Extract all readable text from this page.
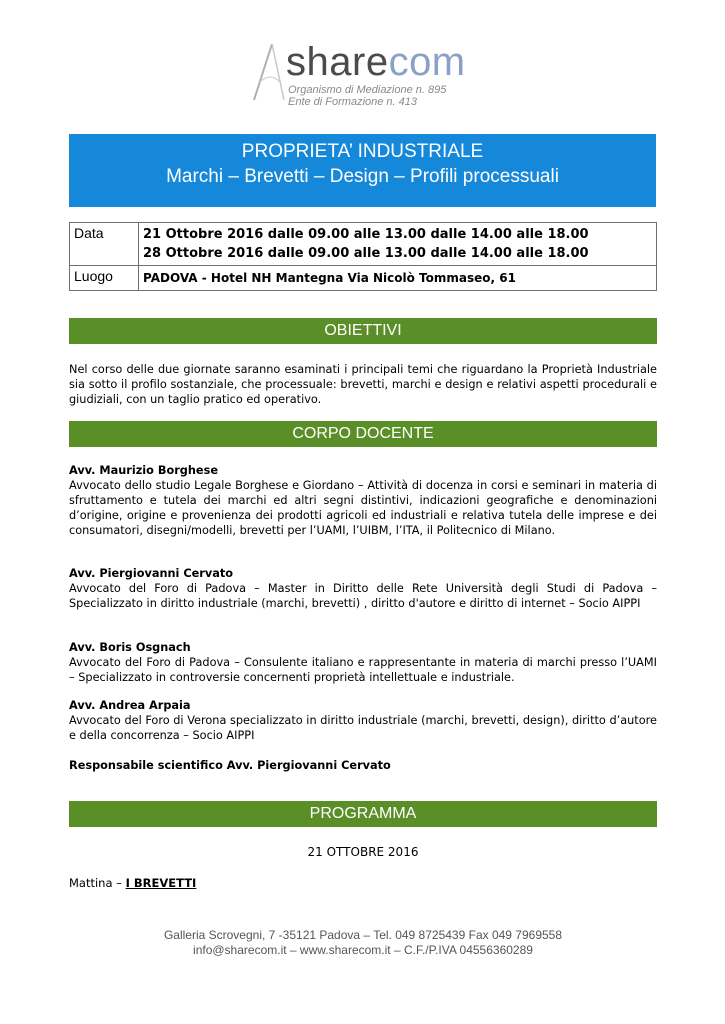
sharecom
Organismo di Mediazione n. 895
Ente di Formazione n. 413
PROPRIETA’ INDUSTRIALE
Marchi – Brevetti – Design – Profili processuali
Data	21 Ottobre 2016 dalle 09.00 alle 13.00 dalle 14.00 alle 18.00
28 Ottobre 2016 dalle 09.00 alle 13.00 dalle 14.00 alle 18.00

Luogo	PADOVA - Hotel NH Mantegna Via Nicolò Tommaseo, 61
OBIETTIVI
Nel corso delle due giornate saranno esaminati i principali temi che riguardano la Proprietà Industriale sia sotto il profilo sostanziale, che processuale: brevetti, marchi e design e relativi aspetti procedurali e giudiziali, con un taglio pratico ed operativo.
CORPO DOCENTE
Avv. Maurizio Borghese
Avvocato dello studio Legale Borghese e Giordano – Attività di docenza in corsi e seminari in materia di sfruttamento e tutela dei marchi ed altri segni distintivi, indicazioni geografiche e denominazioni d’origine, origine e provenienza dei prodotti agricoli ed industriali e relativa tutela delle imprese e dei consumatori, disegni/modelli, brevetti per l’UAMI, l’UIBM, l’ITA, il Politecnico di Milano.
Avv. Piergiovanni Cervato
Avvocato del Foro di Padova – Master in Diritto delle Rete Università degli Studi di Padova – Specializzato in diritto industriale (marchi, brevetti) , diritto d'autore e diritto di internet – Socio AIPPI
Avv. Boris Osgnach
Avvocato del Foro di Padova – Consulente italiano e rappresentante in materia di marchi presso l’UAMI – Specializzato in controversie concernenti proprietà intellettuale e industriale.
Avv. Andrea Arpaia
Avvocato del Foro di Verona specializzato in diritto industriale (marchi, brevetti, design), diritto d’autore e della concorrenza – Socio AIPPI
Responsabile scientifico Avv. Piergiovanni Cervato
PROGRAMMA
21 OTTOBRE 2016
Mattina – I BREVETTI
Galleria Scrovegni, 7 -35121 Padova – Tel. 049 8725439 Fax 049 7969558
info@sharecom.it – www.sharecom.it – C.F./P.IVA 04556360289
